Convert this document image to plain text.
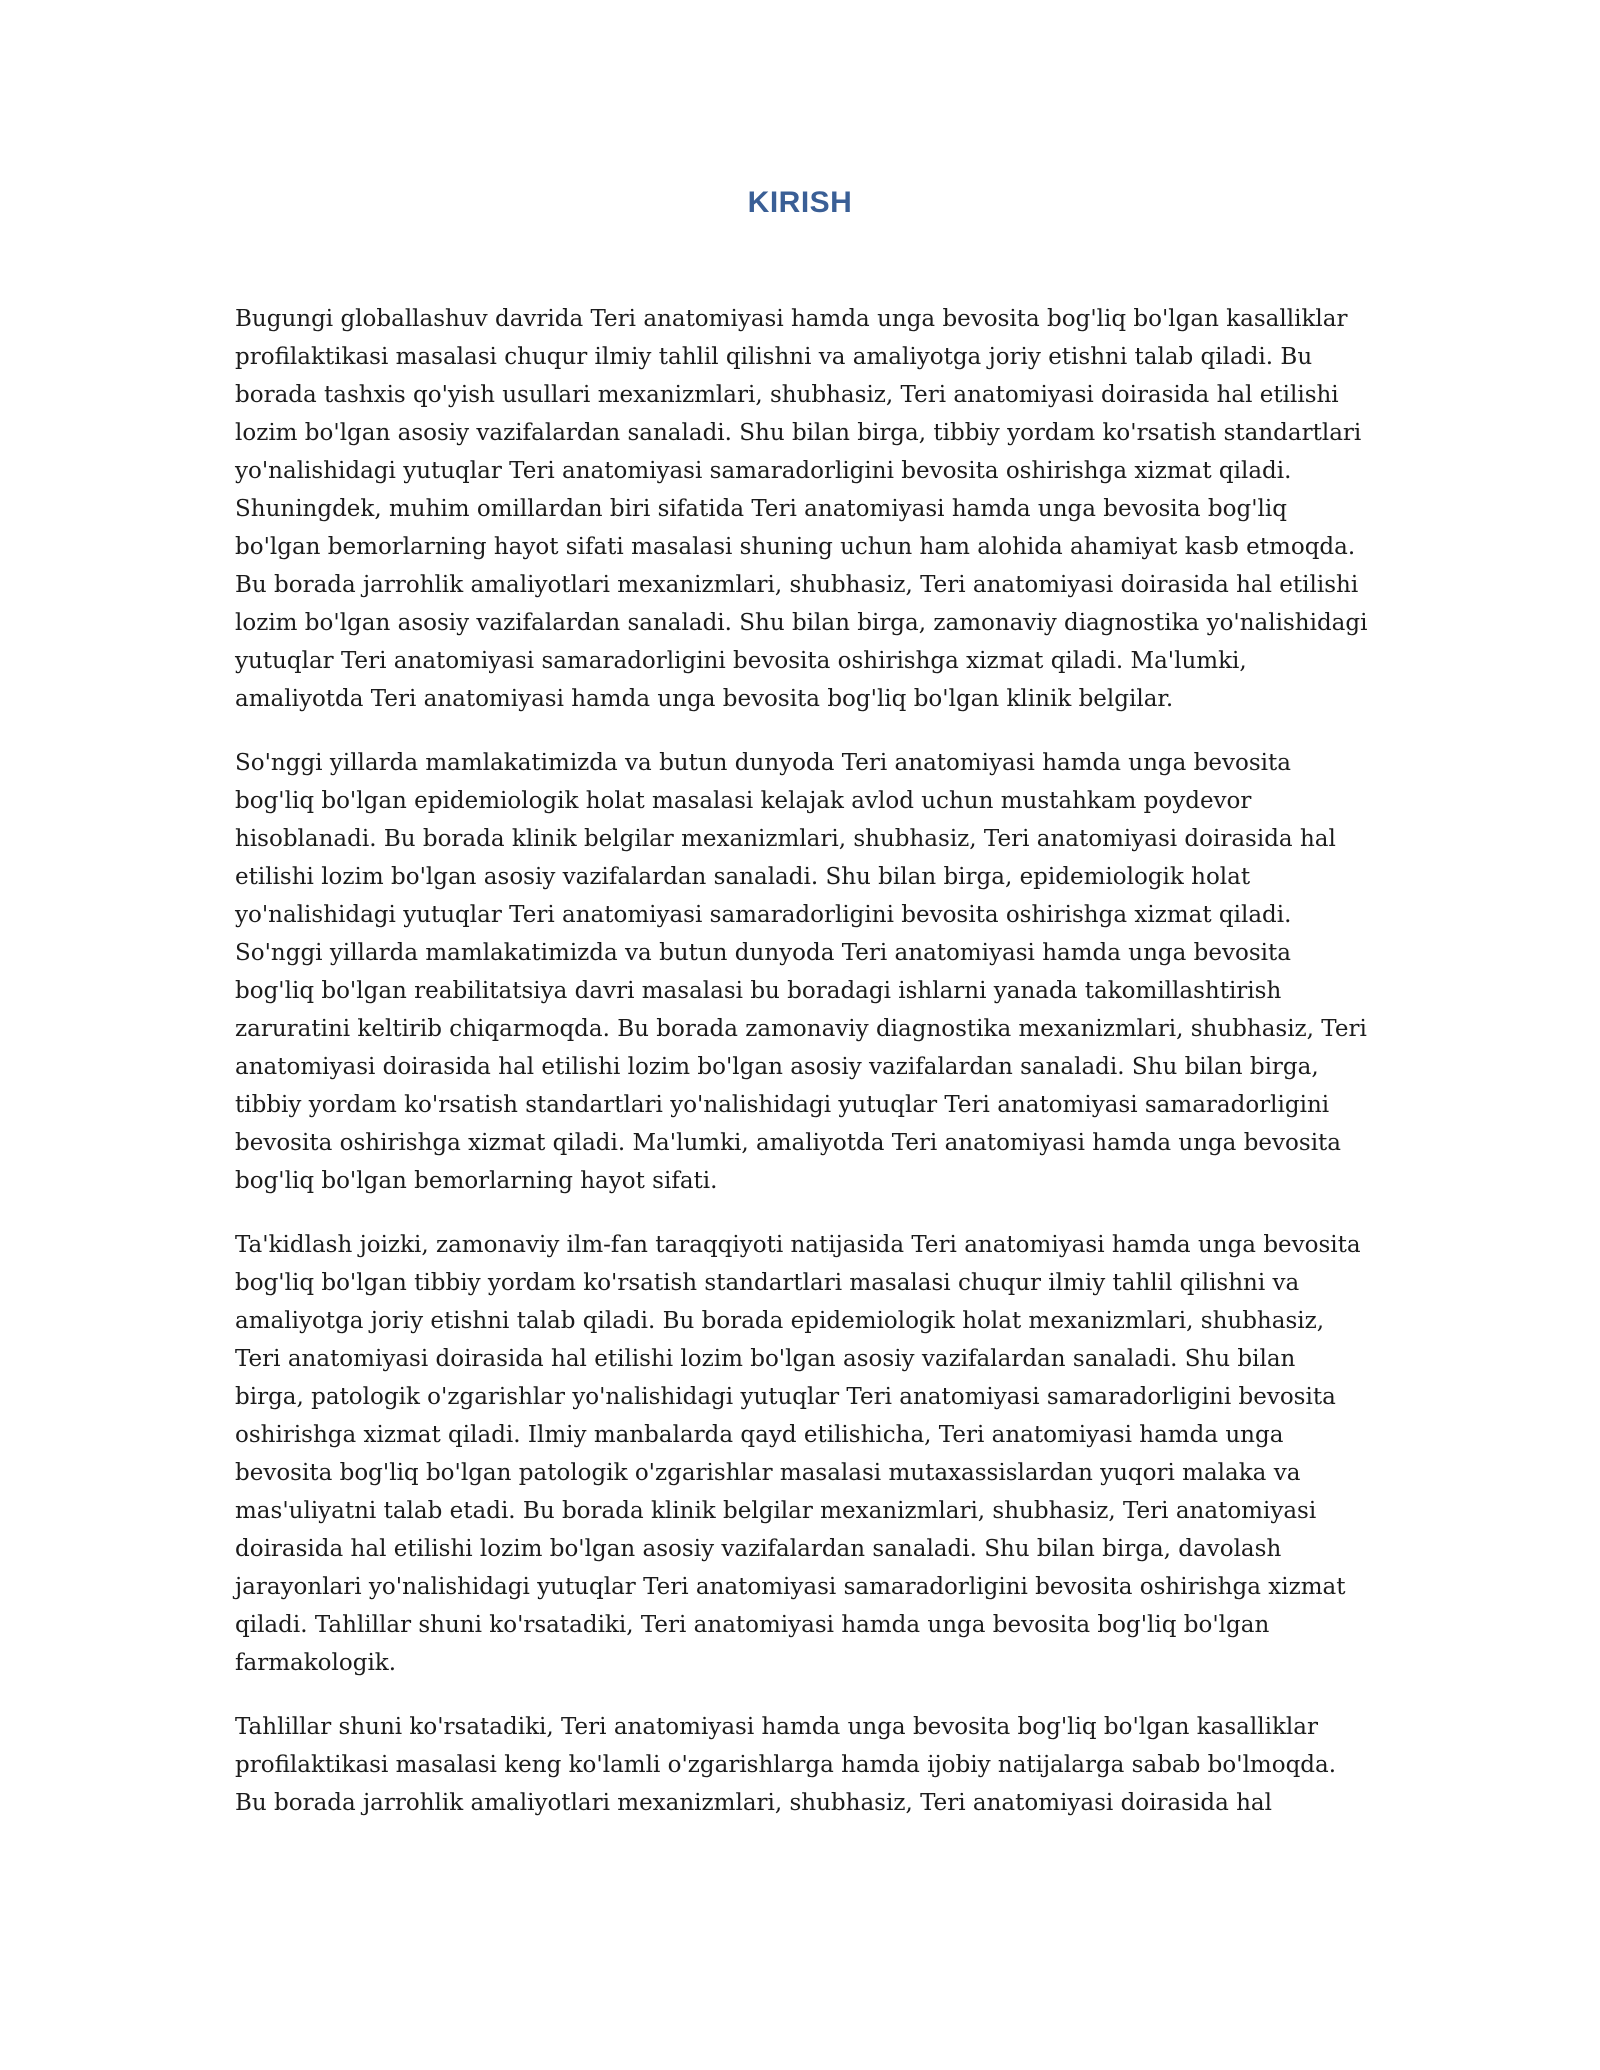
KIRISH

Bugungi globallashuv davrida Teri anatomiyasi hamda unga bevosita bog'liq bo'lgan kasalliklar profilaktikasi masalasi chuqur ilmiy tahlil qilishni va amaliyotga joriy etishni talab qiladi. Bu borada tashxis qo'yish usullari mexanizmlari, shubhasiz, Teri anatomiyasi doirasida hal etilishi lozim bo'lgan asosiy vazifalardan sanaladi. Shu bilan birga, tibbiy yordam ko'rsatish standartlari yo'nalishidagi yutuqlar Teri anatomiyasi samaradorligini bevosita oshirishga xizmat qiladi. Shuningdek, muhim omillardan biri sifatida Teri anatomiyasi hamda unga bevosita bog'liq bo'lgan bemorlarning hayot sifati masalasi shuning uchun ham alohida ahamiyat kasb etmoqda. Bu borada jarrohlik amaliyotlari mexanizmlari, shubhasiz, Teri anatomiyasi doirasida hal etilishi lozim bo'lgan asosiy vazifalardan sanaladi. Shu bilan birga, zamonaviy diagnostika yo'nalishidagi yutuqlar Teri anatomiyasi samaradorligini bevosita oshirishga xizmat qiladi. Ma'lumki, amaliyotda Teri anatomiyasi hamda unga bevosita bog'liq bo'lgan klinik belgilar.

So'nggi yillarda mamlakatimizda va butun dunyoda Teri anatomiyasi hamda unga bevosita bog'liq bo'lgan epidemiologik holat masalasi kelajak avlod uchun mustahkam poydevor hisoblanadi. Bu borada klinik belgilar mexanizmlari, shubhasiz, Teri anatomiyasi doirasida hal etilishi lozim bo'lgan asosiy vazifalardan sanaladi. Shu bilan birga, epidemiologik holat yo'nalishidagi yutuqlar Teri anatomiyasi samaradorligini bevosita oshirishga xizmat qiladi. So'nggi yillarda mamlakatimizda va butun dunyoda Teri anatomiyasi hamda unga bevosita bog'liq bo'lgan reabilitatsiya davri masalasi bu boradagi ishlarni yanada takomillashtirish zaruratini keltirib chiqarmoqda. Bu borada zamonaviy diagnostika mexanizmlari, shubhasiz, Teri anatomiyasi doirasida hal etilishi lozim bo'lgan asosiy vazifalardan sanaladi. Shu bilan birga, tibbiy yordam ko'rsatish standartlari yo'nalishidagi yutuqlar Teri anatomiyasi samaradorligini bevosita oshirishga xizmat qiladi. Ma'lumki, amaliyotda Teri anatomiyasi hamda unga bevosita bog'liq bo'lgan bemorlarning hayot sifati.

Ta'kidlash joizki, zamonaviy ilm-fan taraqqiyoti natijasida Teri anatomiyasi hamda unga bevosita bog'liq bo'lgan tibbiy yordam ko'rsatish standartlari masalasi chuqur ilmiy tahlil qilishni va amaliyotga joriy etishni talab qiladi. Bu borada epidemiologik holat mexanizmlari, shubhasiz, Teri anatomiyasi doirasida hal etilishi lozim bo'lgan asosiy vazifalardan sanaladi. Shu bilan birga, patologik o'zgarishlar yo'nalishidagi yutuqlar Teri anatomiyasi samaradorligini bevosita oshirishga xizmat qiladi. Ilmiy manbalarda qayd etilishicha, Teri anatomiyasi hamda unga bevosita bog'liq bo'lgan patologik o'zgarishlar masalasi mutaxassislardan yuqori malaka va mas'uliyatni talab etadi. Bu borada klinik belgilar mexanizmlari, shubhasiz, Teri anatomiyasi doirasida hal etilishi lozim bo'lgan asosiy vazifalardan sanaladi. Shu bilan birga, davolash jarayonlari yo'nalishidagi yutuqlar Teri anatomiyasi samaradorligini bevosita oshirishga xizmat qiladi. Tahlillar shuni ko'rsatadiki, Teri anatomiyasi hamda unga bevosita bog'liq bo'lgan farmakologik.

Tahlillar shuni ko'rsatadiki, Teri anatomiyasi hamda unga bevosita bog'liq bo'lgan kasalliklar profilaktikasi masalasi keng ko'lamli o'zgarishlarga hamda ijobiy natijalarga sabab bo'lmoqda. Bu borada jarrohlik amaliyotlari mexanizmlari, shubhasiz, Teri anatomiyasi doirasida hal
